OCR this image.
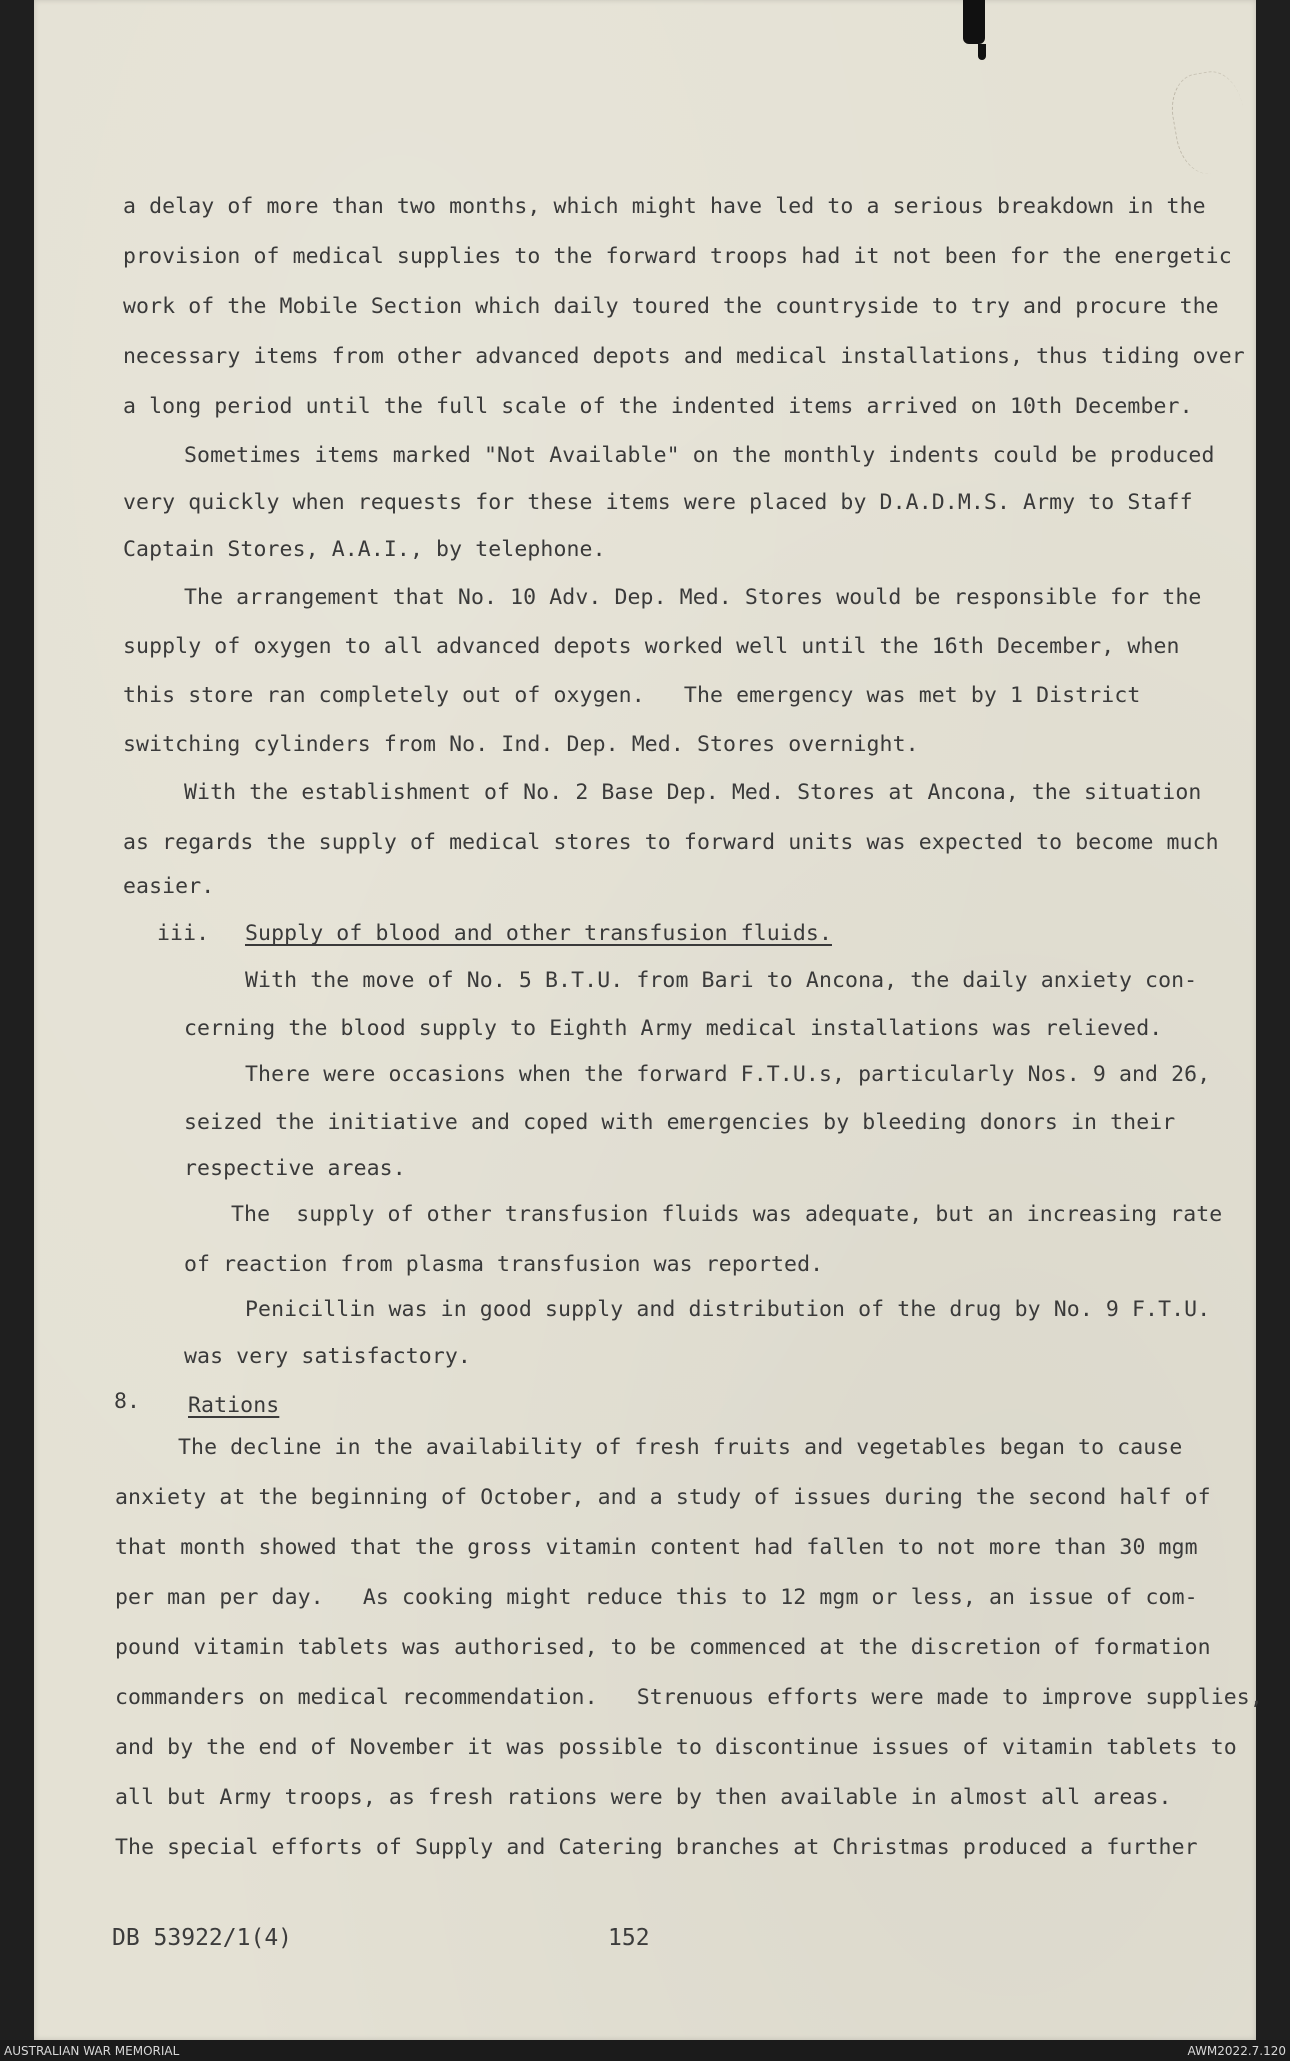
a delay of more than two months, which might have led to a serious breakdown in the
provision of medical supplies to the forward troops had it not been for the energetic
work of the Mobile Section which daily toured the countryside to try and procure the
necessary items from other advanced depots and medical installations, thus tiding over
a long period until the full scale of the indented items arrived on 10th December.
Sometimes items marked "Not Available" on the monthly indents could be produced
very quickly when requests for these items were placed by D.A.D.M.S. Army to Staff
Captain Stores, A.A.I., by telephone.
The arrangement that No. 10 Adv. Dep. Med. Stores would be responsible for the
supply of oxygen to all advanced depots worked well until the 16th December, when
this store ran completely out of oxygen.   The emergency was met by 1 District
switching cylinders from No. Ind. Dep. Med. Stores overnight.
With the establishment of No. 2 Base Dep. Med. Stores at Ancona, the situation
as regards the supply of medical stores to forward units was expected to become much
easier.
iii. Supply of blood and other transfusion fluids.
With the move of No. 5 B.T.U. from Bari to Ancona, the daily anxiety con-
cerning the blood supply to Eighth Army medical installations was relieved.
There were occasions when the forward F.T.U.s, particularly Nos. 9 and 26,
seized the initiative and coped with emergencies by bleeding donors in their
respective areas.
The  supply of other transfusion fluids was adequate, but an increasing rate
of reaction from plasma transfusion was reported.
Penicillin was in good supply and distribution of the drug by No. 9 F.T.U.
was very satisfactory.
8. Rations
The decline in the availability of fresh fruits and vegetables began to cause
anxiety at the beginning of October, and a study of issues during the second half of
that month showed that the gross vitamin content had fallen to not more than 30 mgm
per man per day.   As cooking might reduce this to 12 mgm or less, an issue of com-
pound vitamin tablets was authorised, to be commenced at the discretion of formation
commanders on medical recommendation.   Strenuous efforts were made to improve supplies,
and by the end of November it was possible to discontinue issues of vitamin tablets to
all but Army troops, as fresh rations were by then available in almost all areas.
The special efforts of Supply and Catering branches at Christmas produced a further
DB 53922/1(4)	152
AUSTRALIAN WAR MEMORIAL	AWM2022.7.120
